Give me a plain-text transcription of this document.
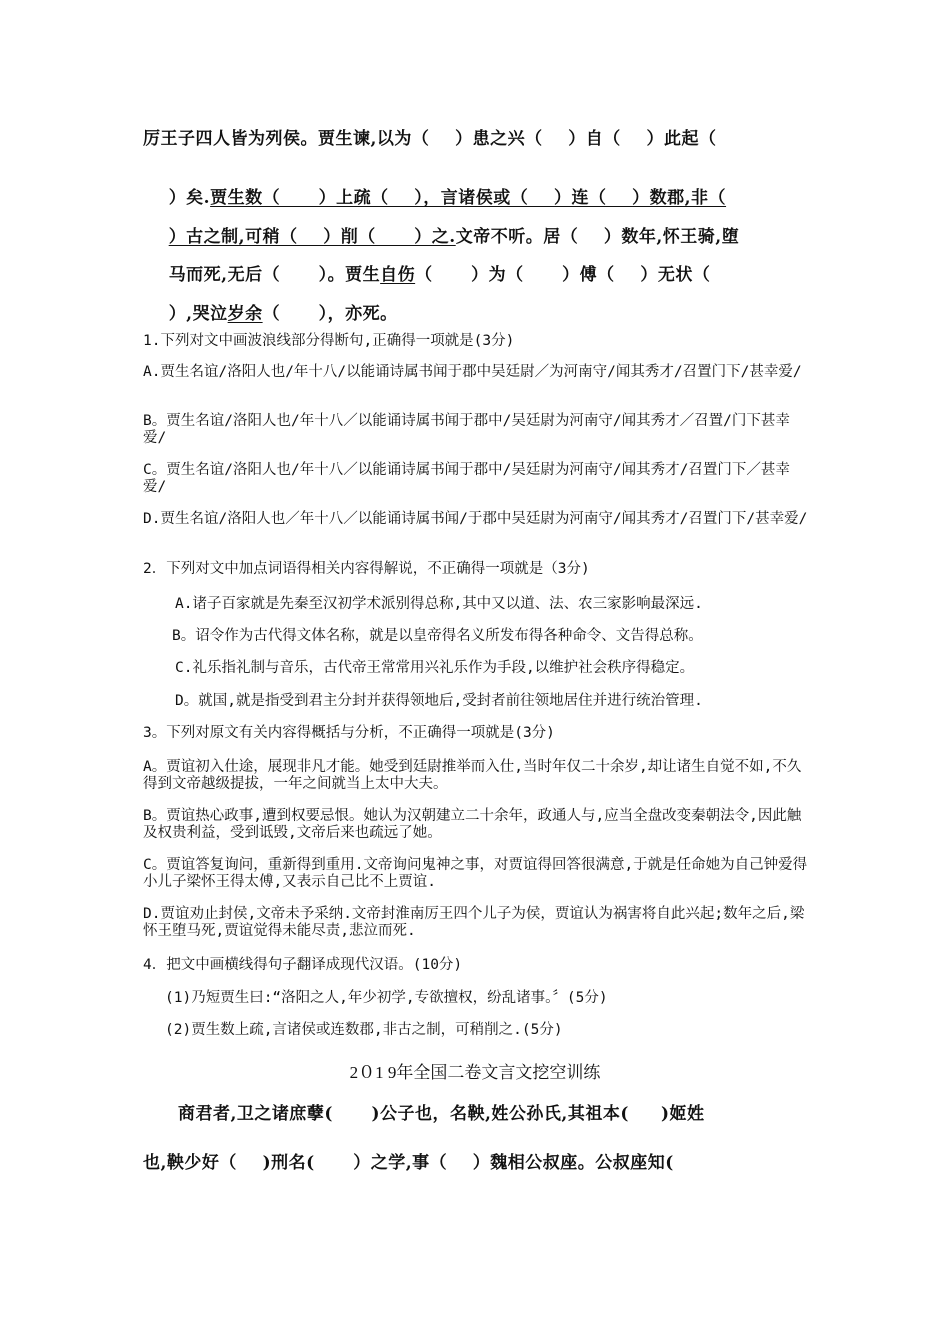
厉王子四人皆为列侯。贾生谏,以为（    ）患之兴（    ）自（    ）此起（

）矣.贾生数（      ）上疏（    ），言诸侯或（    ）连（    ）数郡,非（

）古之制,可稍（    ）削（      ）之.文帝不听。居（    ）数年,怀王骑,堕

马而死,无后（      ）。贾生自伤（      ）为（      ）傅（    ）无状（

）,哭泣岁余（      ），亦死。

1.下列对文中画波浪线部分得断句,正确得一项就是(3分)
A.贾生名谊/洛阳人也/年十八/以能诵诗属书闻于郡中吴廷尉／为河南守/闻其秀才/召置门下/甚幸爱/
B。贾生名谊/洛阳人也/年十八／以能诵诗属书闻于郡中/吴廷尉为河南守/闻其秀才／召置/门下甚幸爱/
C。贾生名谊/洛阳人也/年十八／以能诵诗属书闻于郡中/吴廷尉为河南守/闻其秀才/召置门下／甚幸爱/
D.贾生名谊/洛阳人也／年十八／以能诵诗属书闻/于郡中吴廷尉为河南守/闻其秀才/召置门下/甚幸爱/
2．下列对文中加点词语得相关内容得解说，不正确得一项就是（3分)
A.诸子百家就是先秦至汉初学术派别得总称,其中又以道、法、农三家影响最深远.
B。诏令作为古代得文体名称，就是以皇帝得名义所发布得各种命令、文告得总称。
C.礼乐指礼制与音乐，古代帝王常常用兴礼乐作为手段,以维护社会秩序得稳定。
D。就国,就是指受到君主分封并获得领地后,受封者前往领地居住并进行统治管理.
3。下列对原文有关内容得概括与分析，不正确得一项就是(3分)
A。贾谊初入仕途，展现非凡才能。她受到廷尉推举而入仕,当时年仅二十余岁,却让诸生自觉不如,不久得到文帝越级提拔，一年之间就当上太中大夫。
B。贾谊热心政事,遭到权要忌恨。她认为汉朝建立二十余年，政通人与,应当全盘改变秦朝法令,因此触及权贵利益，受到诋毁,文帝后来也疏远了她。
C。贾谊答复询问，重新得到重用.文帝询问鬼神之事，对贾谊得回答很满意,于就是任命她为自己钟爱得小儿子梁怀王得太傅,又表示自己比不上贾谊.
D.贾谊劝止封侯,文帝未予采纳.文帝封淮南厉王四个儿子为侯，贾谊认为祸害将自此兴起;数年之后,梁怀王堕马死,贾谊觉得未能尽责,悲泣而死.
4．把文中画横线得句子翻译成现代汉语。(10分)
(1)乃短贾生曰:“洛阳之人,年少初学,专欲擅权，纷乱诸事。〞(5分)
(2)贾生数上疏,言诸侯或连数郡,非古之制，可稍削之.(5分)
2０1 9年全国二卷文言文挖空训练
商君者,卫之诸庶孽(      )公子也，名鞅,姓公孙氏,其祖本(     )姬姓
也,鞅少好（    )刑名(      ）之学,事（    ）魏相公叔座。公叔座知(
